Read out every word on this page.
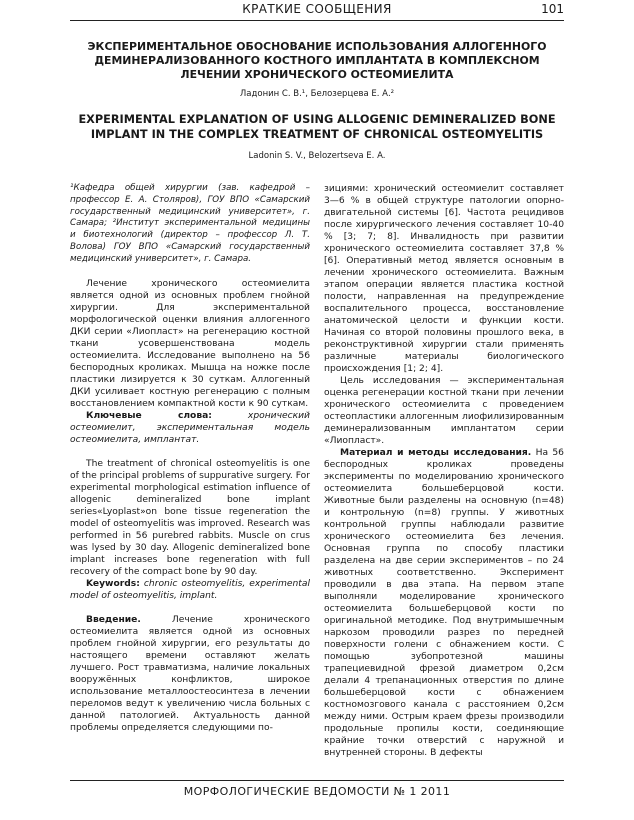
КРАТКИЕ СООБЩЕНИЯ	101
ЭКСПЕРИМЕНТАЛЬНОЕ ОБОСНОВАНИЕ ИСПОЛЬЗОВАНИЯ АЛЛОГЕННОГО ДЕМИНЕРАЛИЗОВАННОГО КОСТНОГО ИМПЛАНТАТА В КОМПЛЕКСНОМ ЛЕЧЕНИИ ХРОНИЧЕСКОГО ОСТЕОМИЕЛИТА
Ладонин С. В.¹, Белозерцева Е. А.²
EXPERIMENTAL EXPLANATION OF USING ALLOGENIC DEMINERALIZED BONE IMPLANT IN THE COMPLEX TREATMENT OF CHRONICAL OSTEOMYELITIS
Ladonin S. V., Belozertseva E. A.

¹Кафедра общей хирургии (зав. кафедрой – профессор Е. А. Столяров), ГОУ ВПО «Самарский государственный медицинский университет», г. Самара; ²Институт экспериментальной медицины и биотехнологий (директор – профессор Л. Т. Волова) ГОУ ВПО «Самарский государственный медицинский университет», г. Самара.

Лечение хронического остеомиелита является одной из основных проблем гнойной хирургии. Для экспериментальной морфологической оценки влияния аллогенного ДКИ серии «Лиопласт» на регенерацию костной ткани усовершенствована модель остеомиелита. Исследование выполнено на 56 беспородных кроликах. Мышца на ножке после пластики лизируется к 30 суткам. Аллогенный ДКИ усиливает костную регенерацию с полным восстановлением компактной кости к 90 суткам.

Ключевые слова:	хронический остеомиелит, экспериментальная модель остеомиелита, имплантат.

The treatment of chronical osteomyelitis is one of the principal problems of suppurative surgery. For experimental morphological estimation influence of allogenic demineralized bone implant series«Lyoplast»on bone tissue regeneration the model of osteomyelitis was improved. Research was performed in 56 purebred rabbits. Muscle on crus was lysed by 30 day. Allogenic demineralized bone implant increases bone regeneration with full recovery of the compact bone by 90 day.

Keywords: chronic osteomyelitis, experimental model of osteomyelitis, implant.

Введение.	Лечение хронического остеомиелита является одной из основных проблем гнойной хирургии, его результаты до настоящего времени оставляют желать лучшего. Рост травматизма, наличие локальных вооружённых конфликтов, широкое использование металлоостеосинтеза в лечении переломов ведут к увеличению числа больных с данной патологией. Актуальность данной проблемы определяется следующими по-

зициями: хронический остеомиелит составляет 3—6 % в общей структуре патологии опорно-двигательной системы [6]. Частота рецидивов после хирургического лечения составляет 10-40 % [3; 7; 8]. Инвалидность при развитии хронического остеомиелита составляет 37,8 % [6]. Оперативный метод является основным в лечении хронического остеомиелита. Важным этапом операции является пластика костной полости, направленная на предупреждение воспалительного процесса, восстановление анатомической целости и функции кости. Начиная со второй половины прошлого века, в реконструктивной хирургии стали применять различные материалы биологического происхождения [1; 2; 4].

Цель исследования — экспериментальная оценка регенерации костной ткани при лечении хронического остеомиелита с проведением остеопластики аллогенным лиофилизированным деминерализованным имплантатом серии «Лиопласт».

Материал и методы исследования. На 56 беспородных кроликах проведены эксперименты по моделированию хронического остеомиелита большеберцовой кости. Животные были разделены на основную (n=48) и контрольную (n=8) группы. У животных контрольной группы наблюдали развитие хронического остеомиелита без лечения. Основная группа по способу пластики разделена на две серии экспериментов – по 24 животных соответственно. Эксперимент проводили в два этапа. На первом этапе выполняли моделирование хронического остеомиелита большеберцовой кости по оригинальной методике. Под внутримышечным наркозом проводили разрез по передней поверхности голени с обнажением кости. С помощью зубопротезной машины трапециевидной фрезой диаметром 0,2см делали 4 трепанационных отверстия по длине большеберцовой кости с обнажением костномозгового канала с расстоянием 0,2см между ними. Острым краем фрезы производили продольные пропилы кости, соединяющие крайние точки отверстий с наружной и внутренней стороны. В дефекты

МОРФОЛОГИЧЕСКИЕ ВЕДОМОСТИ № 1 2011
